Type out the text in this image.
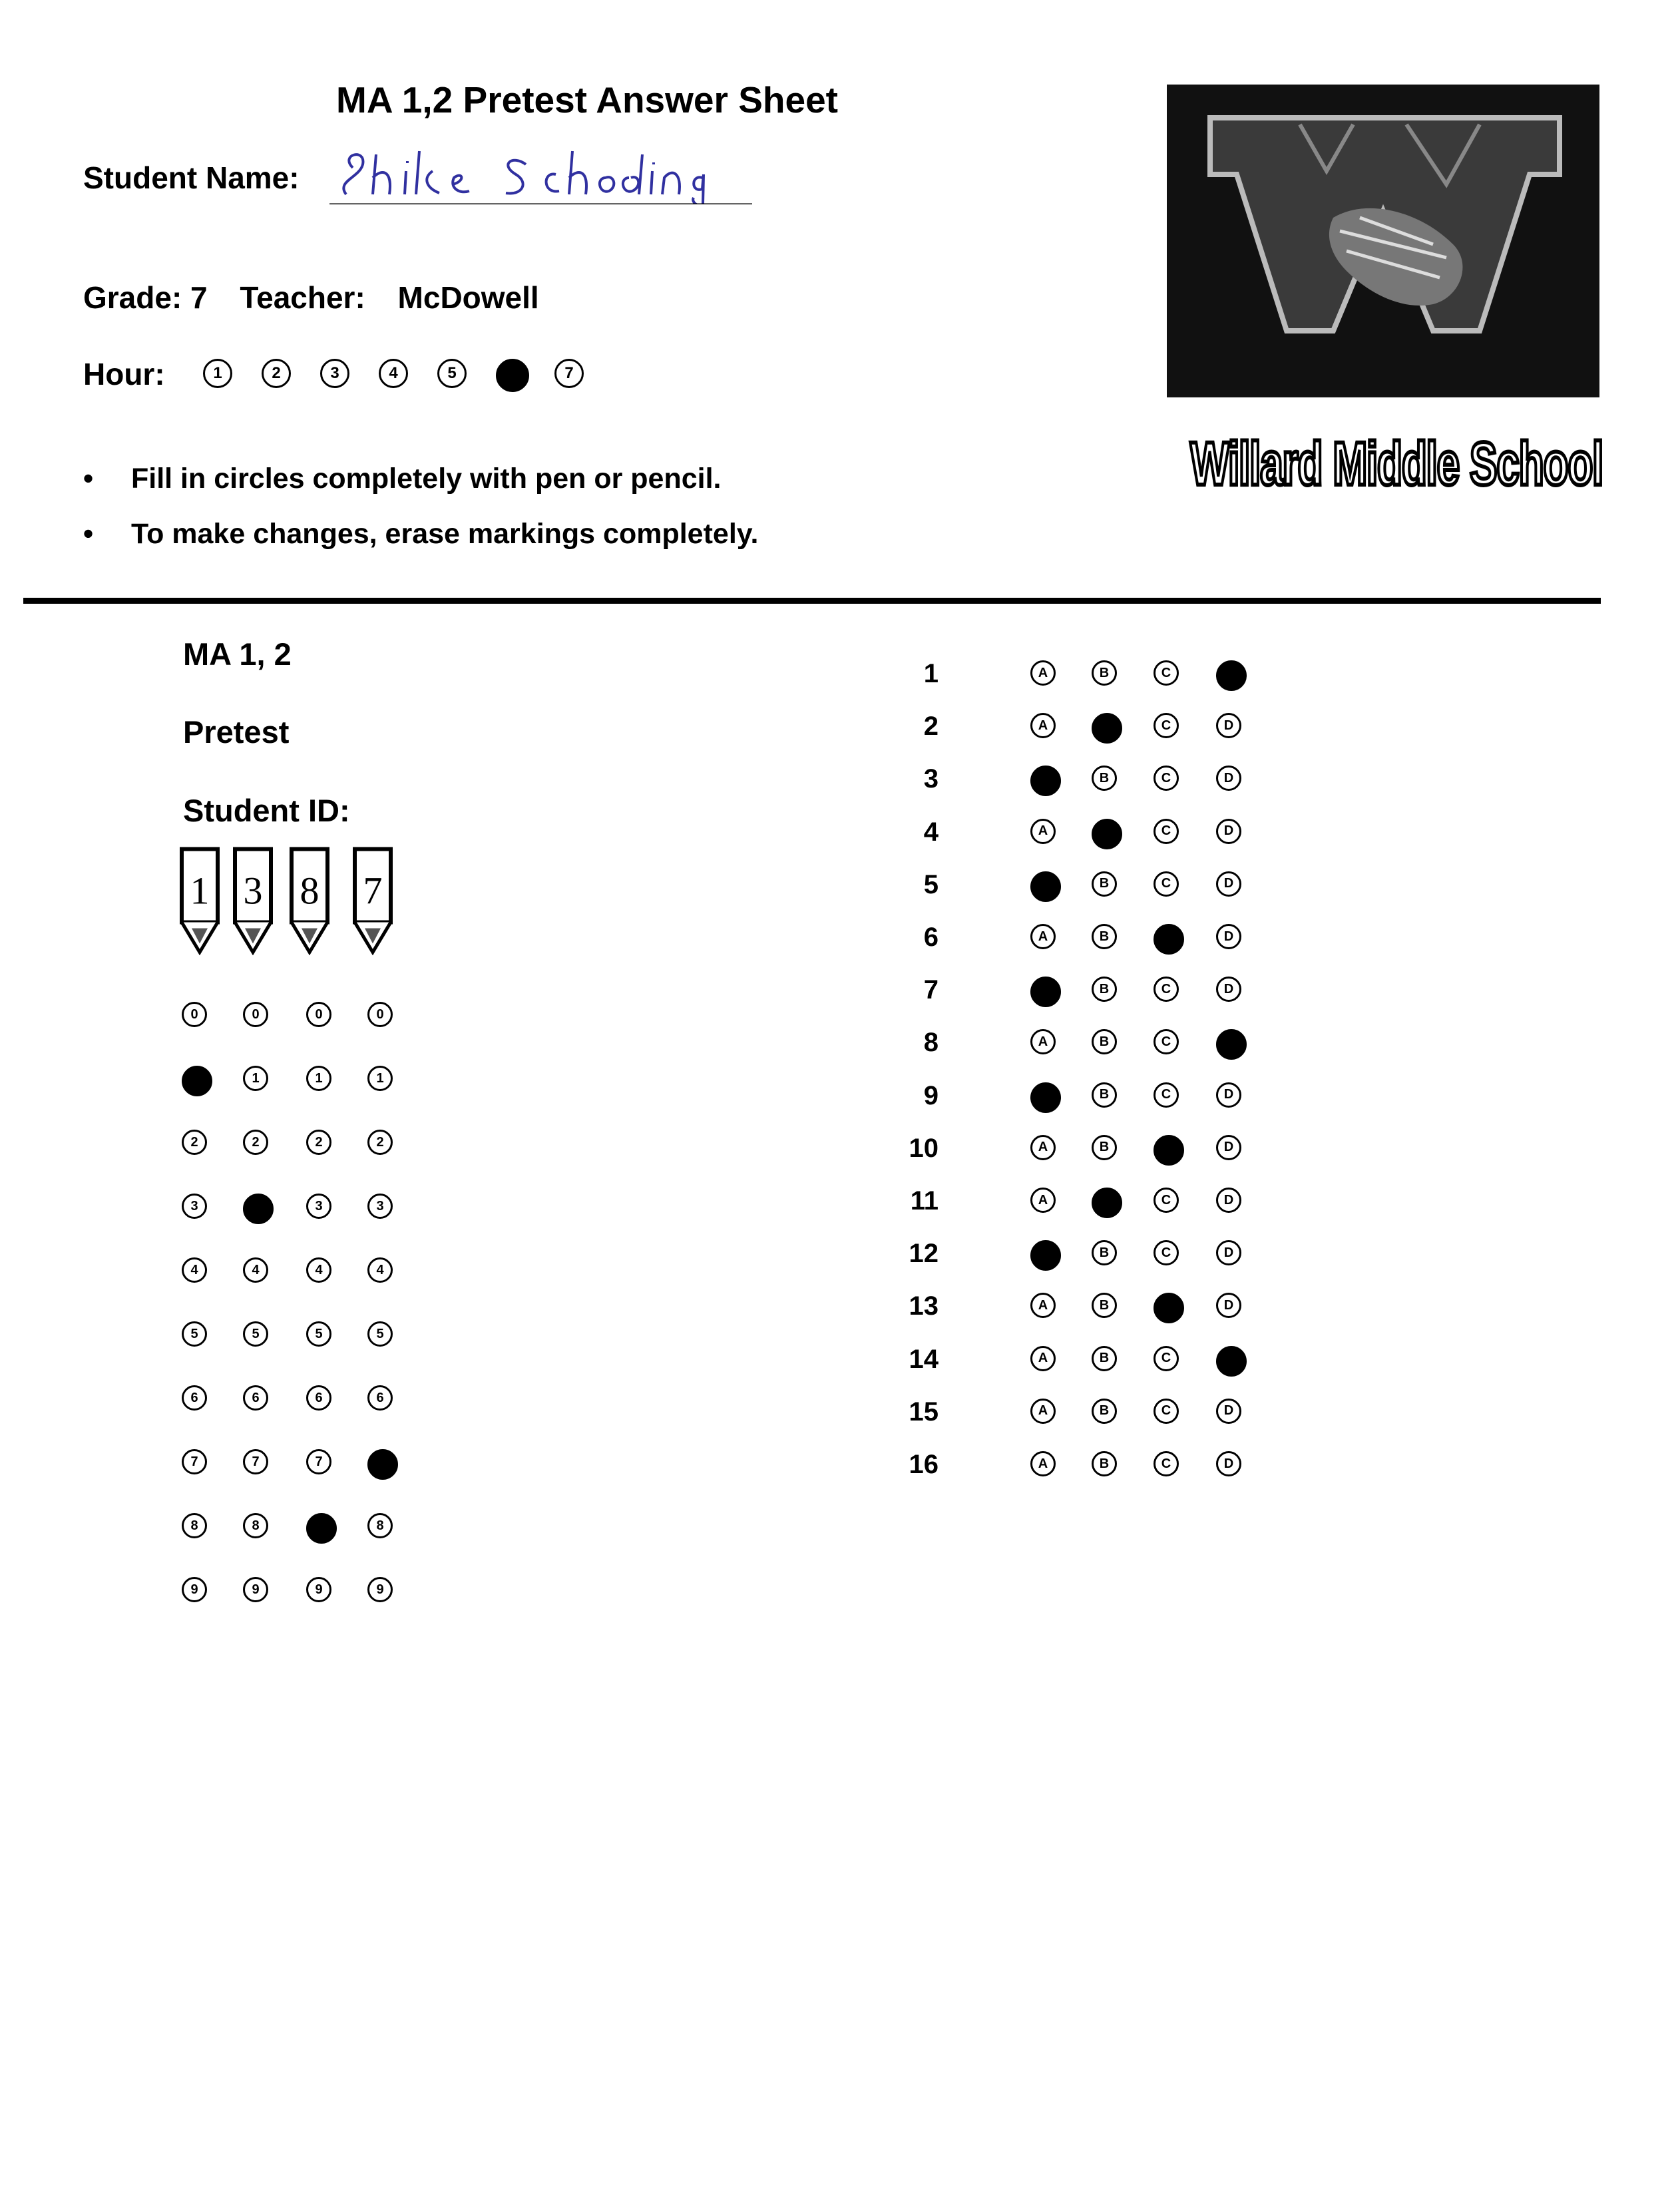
MA 1,2 Pretest Answer Sheet
Student Name:
Grade: 7 Teacher: McDowell
Hour:	1	2	3	4	5	6	7
• Fill in circles completely with pen or pencil.
• To make changes, erase markings completely.
Willard Middle School
MA 1, 2
Pretest
Student ID:
1 3 8 7
0	0	0	0
1	1	1	1
2	2	2	2
3	3	3	3
4	4	4	4
5	5	5	5
6	6	6	6
7	7	7	7
8	8	8	8
9	9	9	9
1	A	B	C	D
2	A	B	C	D
3	A	B	C	D
4	A	B	C	D
5	A	B	C	D
6	A	B	C	D
7	A	B	C	D
8	A	B	C	D
9	A	B	C	D
10	A	B	C	D
11	A	B	C	D
12	A	B	C	D
13	A	B	C	D
14	A	B	C	D
15	A	B	C	D
16	A	B	C	D
